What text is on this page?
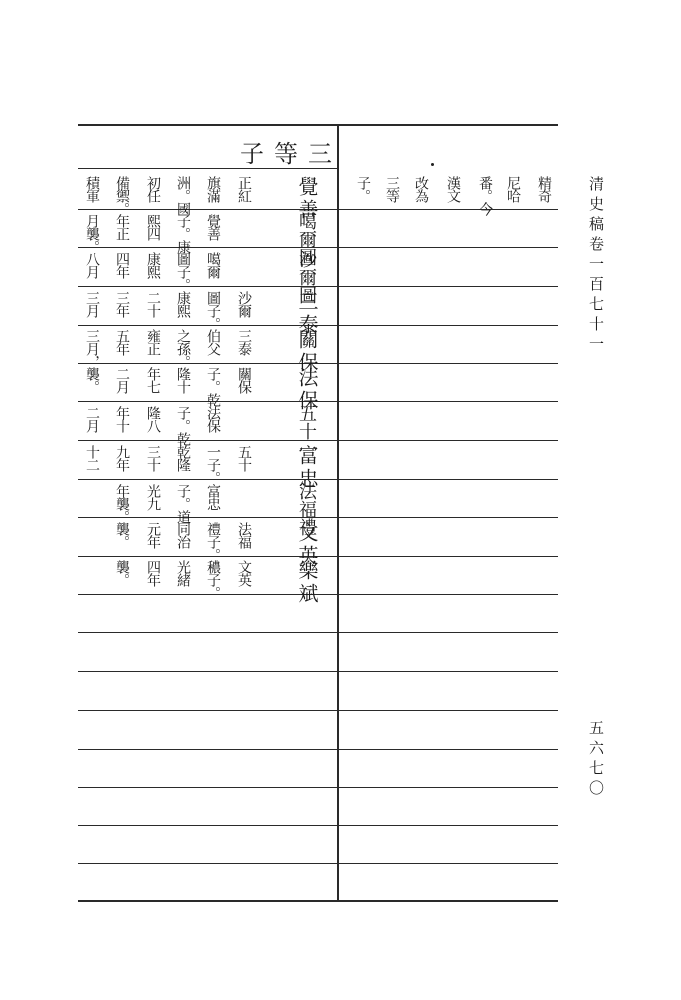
清史稿卷一百七十一
五六七〇
三等子
精奇
尼哈
番。今
漢文
改為
三等
子。
覺善
正紅
旗滿
洲。國
初任
備禦。
積軍
噶爾圖
覺善
子。康
熙四
年正
月襲。
沙爾圖
噶爾
圖子。
康熙
四年
八月
三泰
沙爾
圖子。
康熙
二十
三年
三月
關保
三泰
伯父
之孫。
雍正
五年
三月，
法保
關保
子。乾
隆十
年七
二月
襲。
五十一
法保
子。乾
隆八
年十
二月
富忠
五十
一子。
乾隆
三十
九年
十二
法福禮
富忠
子。道
光九
年襲。
文英
法福
禮子。
同治
元年
襲。
樂斌
文英
穠子。
光緒
四年
襲。
